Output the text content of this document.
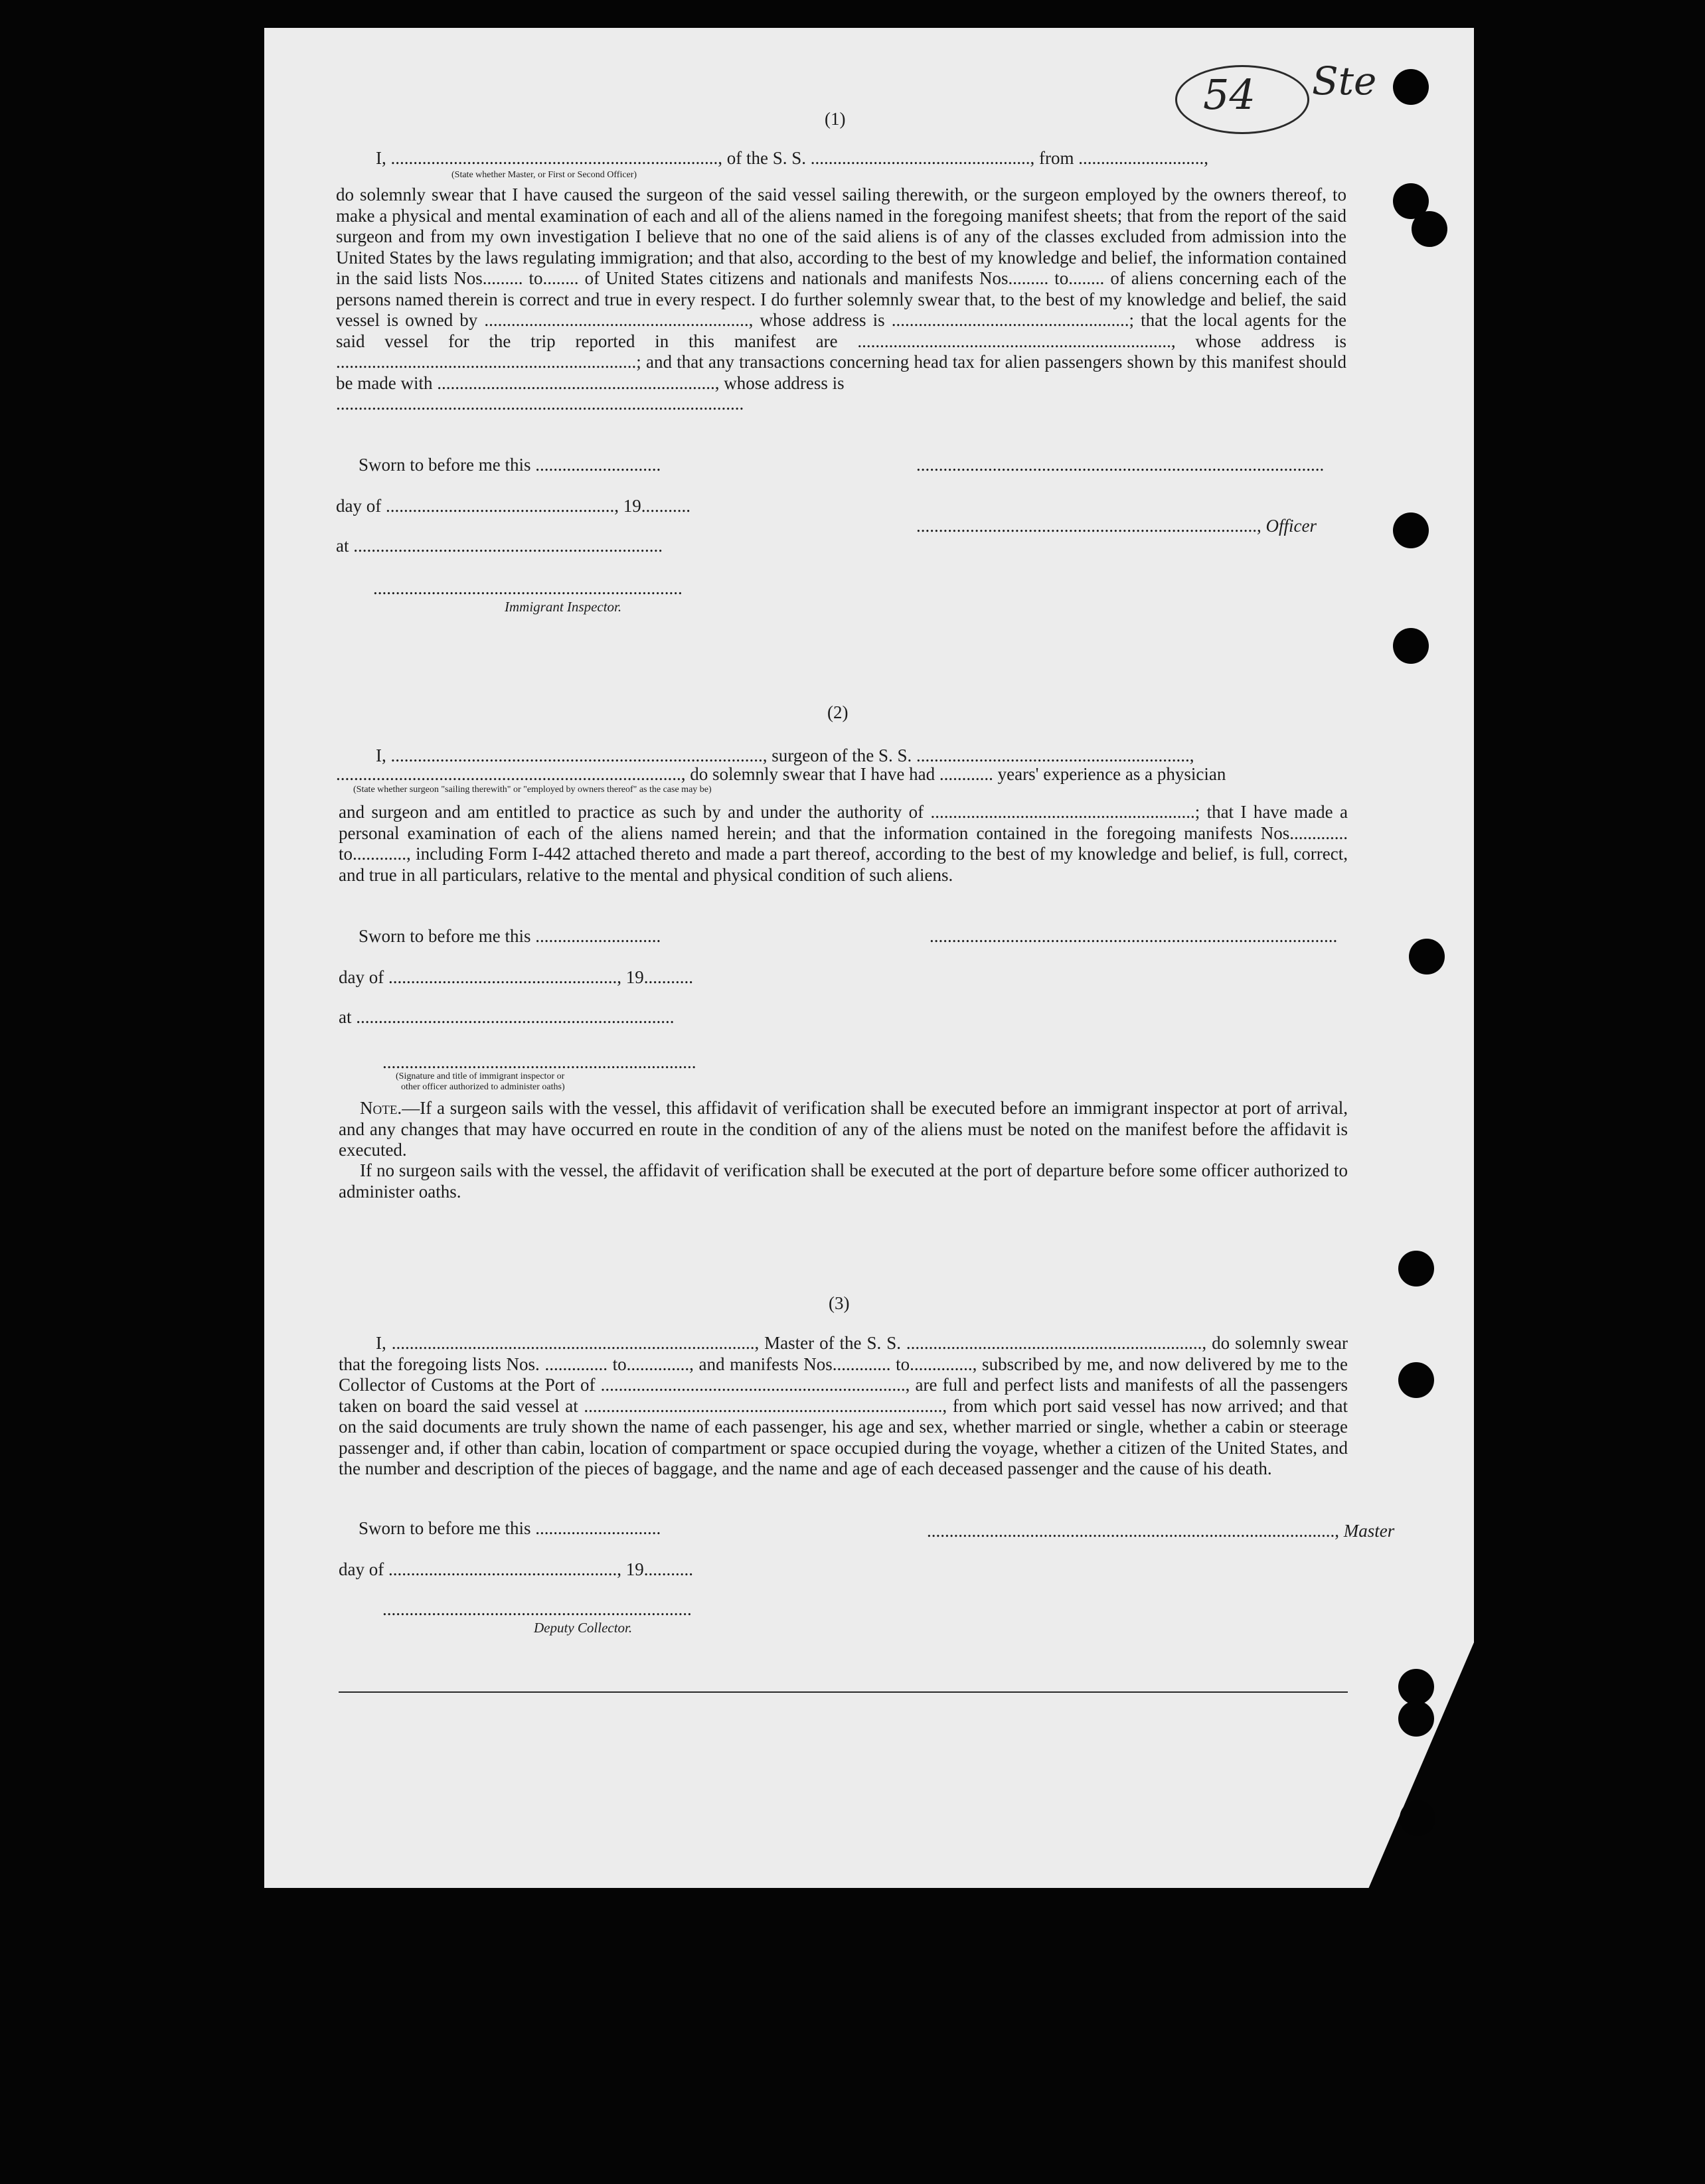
54 Ste
(1)
I, ........................................................................., of the S. S. ................................................., from ............................,
(State whether Master, or First or Second Officer)
do solemnly swear that I have caused the surgeon of the said vessel sailing therewith, or the surgeon employed by the owners thereof, to make a physical and mental examination of each and all of the aliens named in the foregoing manifest sheets; that from the report of the said surgeon and from my own investigation I believe that no one of the said aliens is of any of the classes excluded from admission into the United States by the laws regulating immigration; and that also, according to the best of my knowledge and belief, the information contained in the said lists Nos......... to........ of United States citizens and nationals and manifests Nos......... to........ of aliens concerning each of the persons named therein is correct and true in every respect. I do further solemnly swear that, to the best of my knowledge and belief, the said vessel is owned by ..........................................................., whose address is .....................................................; that the local agents for the said vessel for the trip reported in this manifest are ......................................................................, whose address is ...................................................................; and that any transactions concerning head tax for alien passengers shown by this manifest should be made with .............................................................., whose address is
...........................................................................................
Sworn to before me this ............................
day of ..................................................., 19...........
at .....................................................................
.....................................................................
Immigrant Inspector.
...........................................................................................
............................................................................, Officer
(2)
I, ..................................................................................., surgeon of the S. S. .............................................................,
............................................................................., do solemnly swear that I have had ............ years' experience as a physician
(State whether surgeon "sailing therewith" or "employed by owners thereof" as the case may be)
and surgeon and am entitled to practice as such by and under the authority of ...........................................................; that I have made a personal examination of each of the aliens named herein; and that the information contained in the foregoing manifests Nos............. to............, including Form I-442 attached thereto and made a part thereof, according to the best of my knowledge and belief, is full, correct, and true in all particulars, relative to the mental and physical condition of such aliens.
Sworn to before me this ............................
day of ..................................................., 19...........
at .......................................................................
......................................................................
(Signature and title of immigrant inspector or
other officer authorized to administer oaths)
...........................................................................................
Note.—If a surgeon sails with the vessel, this affidavit of verification shall be executed before an immigrant inspector at port of arrival, and any changes that may have occurred en route in the condition of any of the aliens must be noted on the manifest before the affidavit is executed.
If no surgeon sails with the vessel, the affidavit of verification shall be executed at the port of departure before some officer authorized to administer oaths.
(3)
I, ................................................................................., Master of the S. S. .................................................................., do solemnly swear that the foregoing lists Nos. .............. to.............., and manifests Nos............. to.............., subscribed by me, and now delivered by me to the Collector of Customs at the Port of ...................................................................., are full and perfect lists and manifests of all the passengers taken on board the said vessel at ................................................................................, from which port said vessel has now arrived; and that on the said documents are truly shown the name of each passenger, his age and sex, whether married or single, whether a cabin or steerage passenger and, if other than cabin, location of compartment or space occupied during the voyage, whether a citizen of the United States, and the number and description of the pieces of baggage, and the name and age of each deceased passenger and the cause of his death.
Sworn to before me this ............................
day of ..................................................., 19...........
..........................................................................................., Master
.....................................................................
Deputy Collector.
